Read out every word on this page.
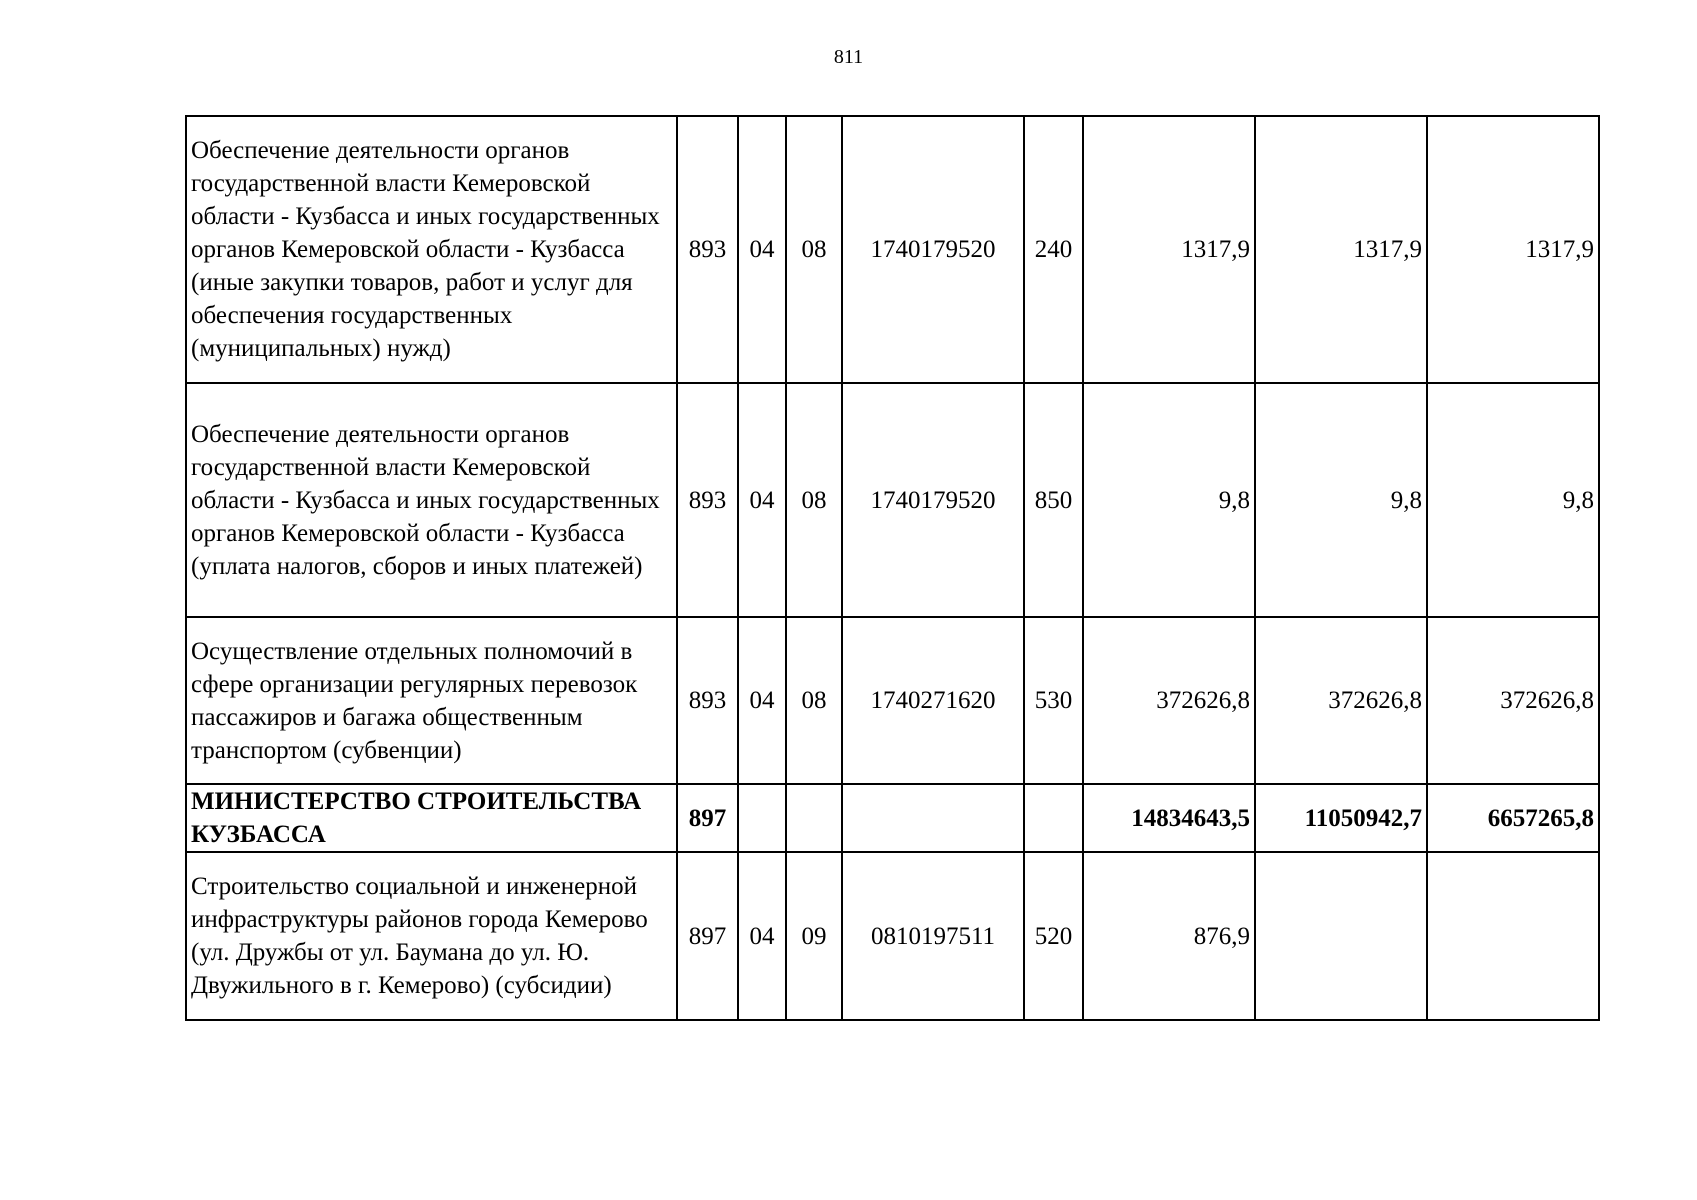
811
Обеспечение деятельности органов государственной власти Кемеровской области - Кузбасса и иных государственных органов Кемеровской области - Кузбасса (иные закупки товаров, работ и услуг для обеспечения государственных (муниципальных) нужд)	893	04	08	1740179520	240	1317,9	1317,9	1317,9
Обеспечение деятельности органов государственной власти Кемеровской области - Кузбасса и иных государственных органов Кемеровской области - Кузбасса (уплата налогов, сборов и иных платежей)	893	04	08	1740179520	850	9,8	9,8	9,8
Осуществление отдельных полномочий в сфере организации регулярных перевозок пассажиров и багажа общественным транспортом (субвенции)	893	04	08	1740271620	530	372626,8	372626,8	372626,8
МИНИСТЕРСТВО СТРОИТЕЛЬСТВА КУЗБАССА	897					14834643,5	11050942,7	6657265,8
Строительство социальной и инженерной инфраструктуры районов города Кемерово (ул. Дружбы от ул. Баумана до ул. Ю. Двужильного в г. Кемерово) (субсидии)	897	04	09	0810197511	520	876,9		
